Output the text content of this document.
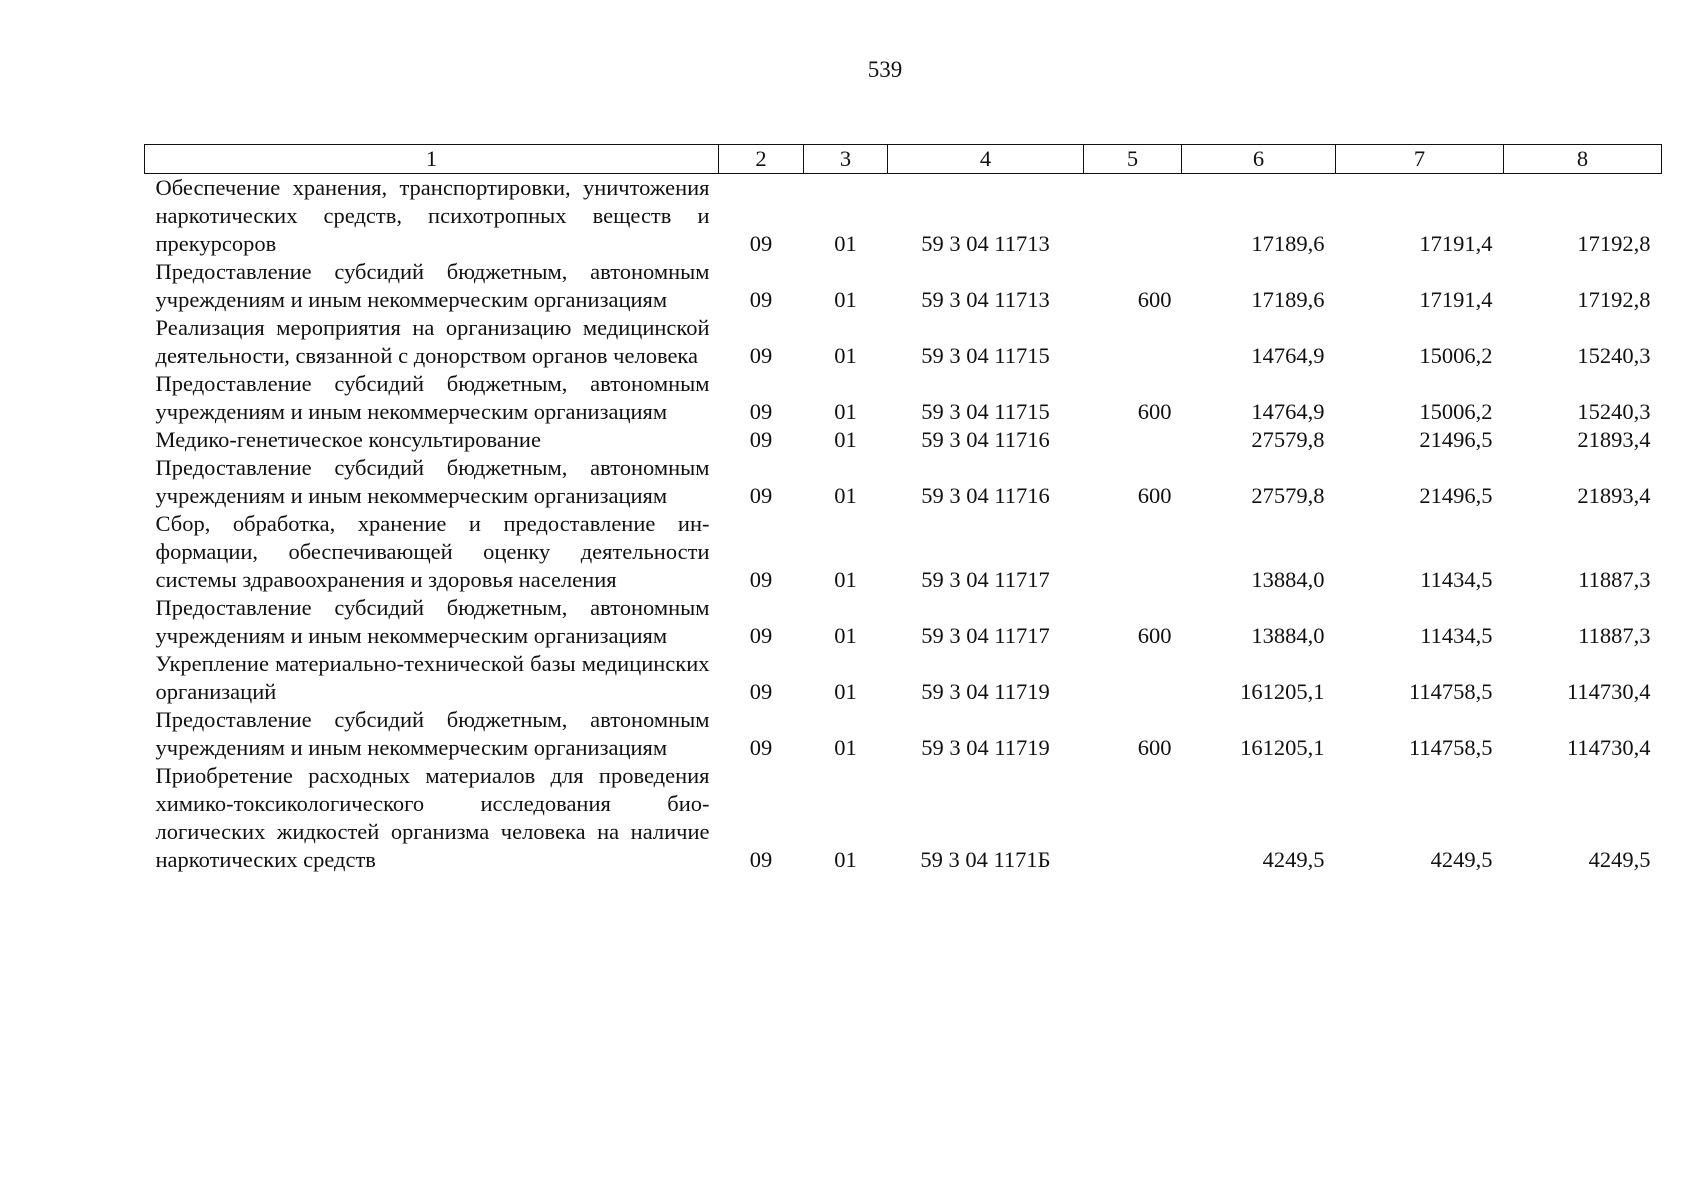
539
1	2	3	4	5	6	7	8
Обеспечение хранения, транспортировки, уничтожения наркотических средств, психотропных веществ и прекурсоров	09	01	59 3 04 11713		17189,6	17191,4	17192,8
Предоставление субсидий бюджетным, автономным учреждениям и иным некоммерческим организациям	09	01	59 3 04 11713	600	17189,6	17191,4	17192,8
Реализация мероприятия на организацию медицинской деятельности, связанной с донорством органов человека	09	01	59 3 04 11715		14764,9	15006,2	15240,3
Предоставление субсидий бюджетным, автономным учреждениям и иным некоммерческим организациям	09	01	59 3 04 11715	600	14764,9	15006,2	15240,3
Медико-генетическое консультирование	09	01	59 3 04 11716		27579,8	21496,5	21893,4
Предоставление субсидий бюджетным, автономным учреждениям и иным некоммерческим организациям	09	01	59 3 04 11716	600	27579,8	21496,5	21893,4
Сбор, обработка, хранение и предоставление информации, обеспечивающей оценку деятельности системы здравоохранения и здоровья населения	09	01	59 3 04 11717		13884,0	11434,5	11887,3
Предоставление субсидий бюджетным, автономным учреждениям и иным некоммерческим организациям	09	01	59 3 04 11717	600	13884,0	11434,5	11887,3
Укрепление материально-технической базы медицинских организаций	09	01	59 3 04 11719		161205,1	114758,5	114730,4
Предоставление субсидий бюджетным, автономным учреждениям и иным некоммерческим организациям	09	01	59 3 04 11719	600	161205,1	114758,5	114730,4
Приобретение расходных материалов для проведения химико-токсикологического исследования биологических жидкостей организма человека на наличие наркотических средств	09	01	59 3 04 1171Б		4249,5	4249,5	4249,5
